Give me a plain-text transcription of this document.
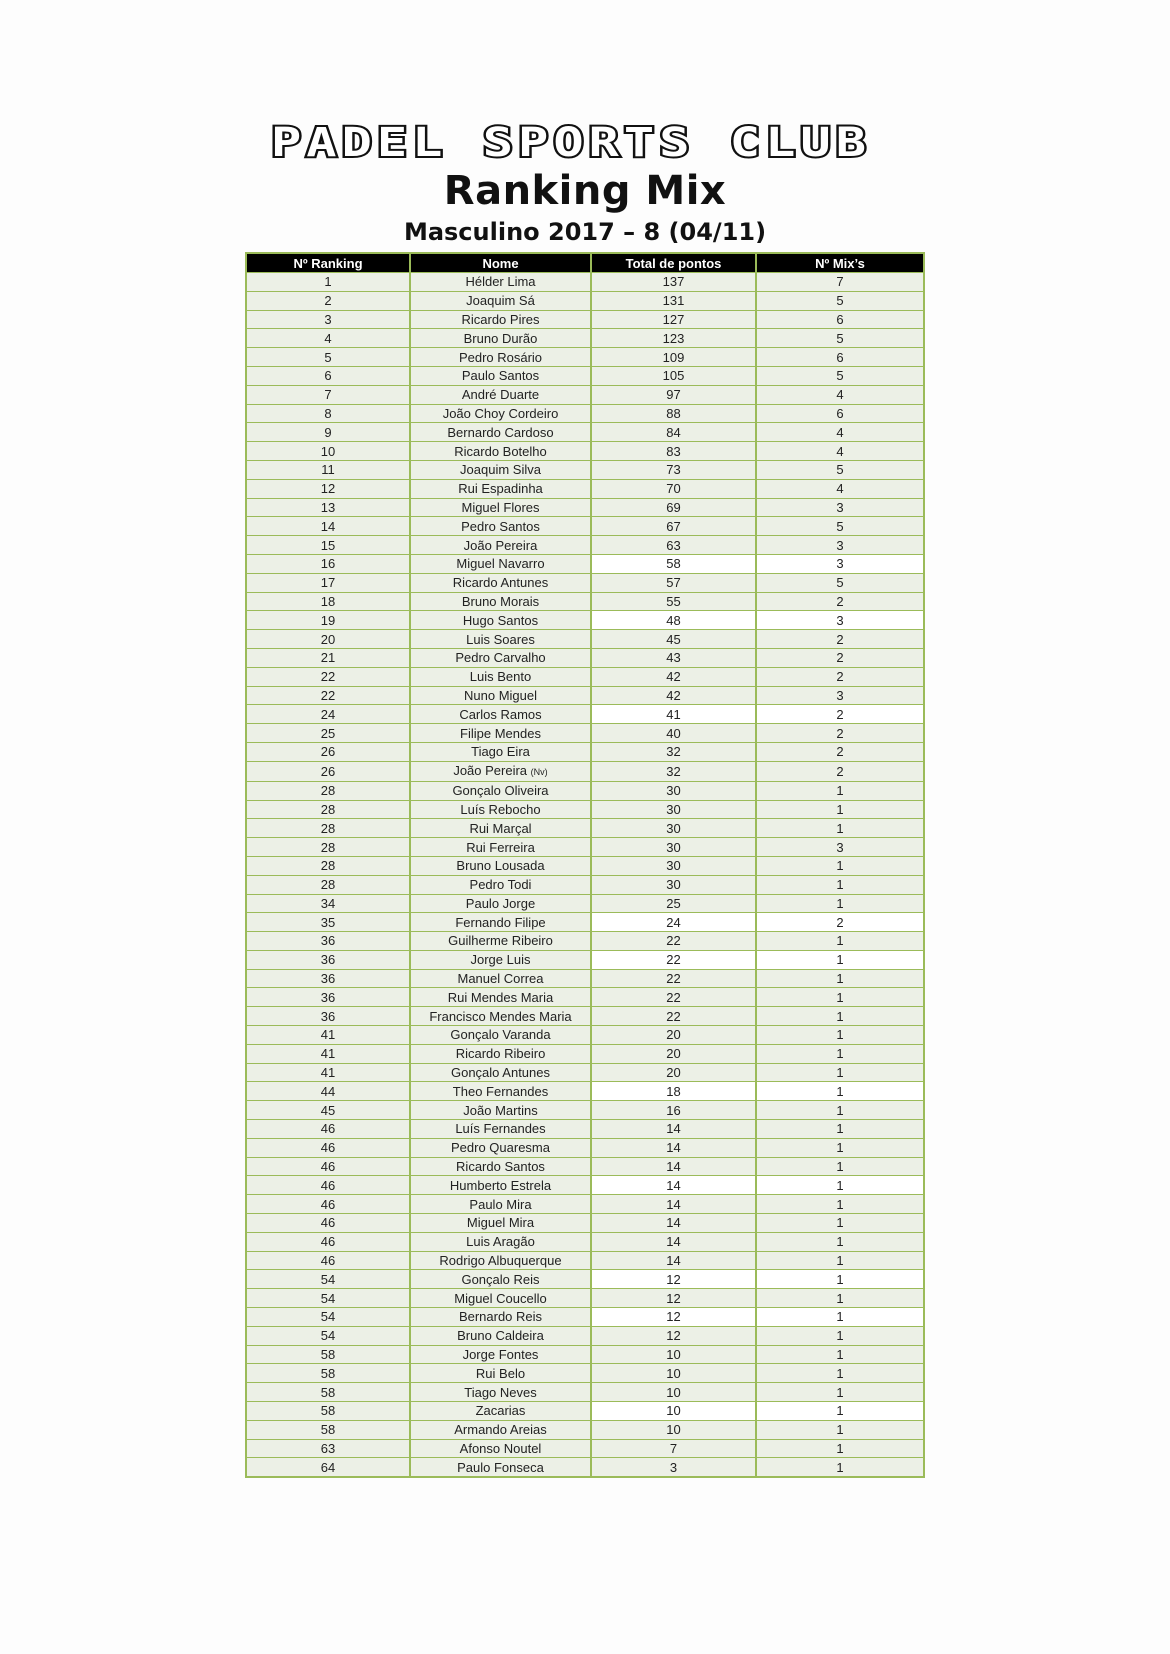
PADEL SPORTS CLUB
Ranking Mix
Masculino 2017 – 8 (04/11)
Nº Ranking	Nome	Total de pontos	Nº Mix’s
1	Hélder Lima	137	7
2	Joaquim Sá	131	5
3	Ricardo Pires	127	6
4	Bruno Durão	123	5
5	Pedro Rosário	109	6
6	Paulo Santos	105	5
7	André Duarte	97	4
8	João Choy Cordeiro	88	6
9	Bernardo Cardoso	84	4
10	Ricardo Botelho	83	4
11	Joaquim Silva	73	5
12	Rui Espadinha	70	4
13	Miguel Flores	69	3
14	Pedro Santos	67	5
15	João Pereira	63	3
16	Miguel Navarro	58	3
17	Ricardo Antunes	57	5
18	Bruno Morais	55	2
19	Hugo Santos	48	3
20	Luis Soares	45	2
21	Pedro Carvalho	43	2
22	Luis Bento	42	2
22	Nuno Miguel	42	3
24	Carlos Ramos	41	2
25	Filipe Mendes	40	2
26	Tiago Eira	32	2
26	João Pereira (Nv)	32	2
28	Gonçalo Oliveira	30	1
28	Luís Rebocho	30	1
28	Rui Marçal	30	1
28	Rui Ferreira	30	3
28	Bruno Lousada	30	1
28	Pedro Todi	30	1
34	Paulo Jorge	25	1
35	Fernando Filipe	24	2
36	Guilherme Ribeiro	22	1
36	Jorge Luis	22	1
36	Manuel Correa	22	1
36	Rui Mendes Maria	22	1
36	Francisco Mendes Maria	22	1
41	Gonçalo Varanda	20	1
41	Ricardo Ribeiro	20	1
41	Gonçalo Antunes	20	1
44	Theo Fernandes	18	1
45	João Martins	16	1
46	Luís Fernandes	14	1
46	Pedro Quaresma	14	1
46	Ricardo Santos	14	1
46	Humberto Estrela	14	1
46	Paulo Mira	14	1
46	Miguel Mira	14	1
46	Luis Aragão	14	1
46	Rodrigo Albuquerque	14	1
54	Gonçalo Reis	12	1
54	Miguel Coucello	12	1
54	Bernardo Reis	12	1
54	Bruno Caldeira	12	1
58	Jorge Fontes	10	1
58	Rui Belo	10	1
58	Tiago Neves	10	1
58	Zacarias	10	1
58	Armando Areias	10	1
63	Afonso Noutel	7	1
64	Paulo Fonseca	3	1
